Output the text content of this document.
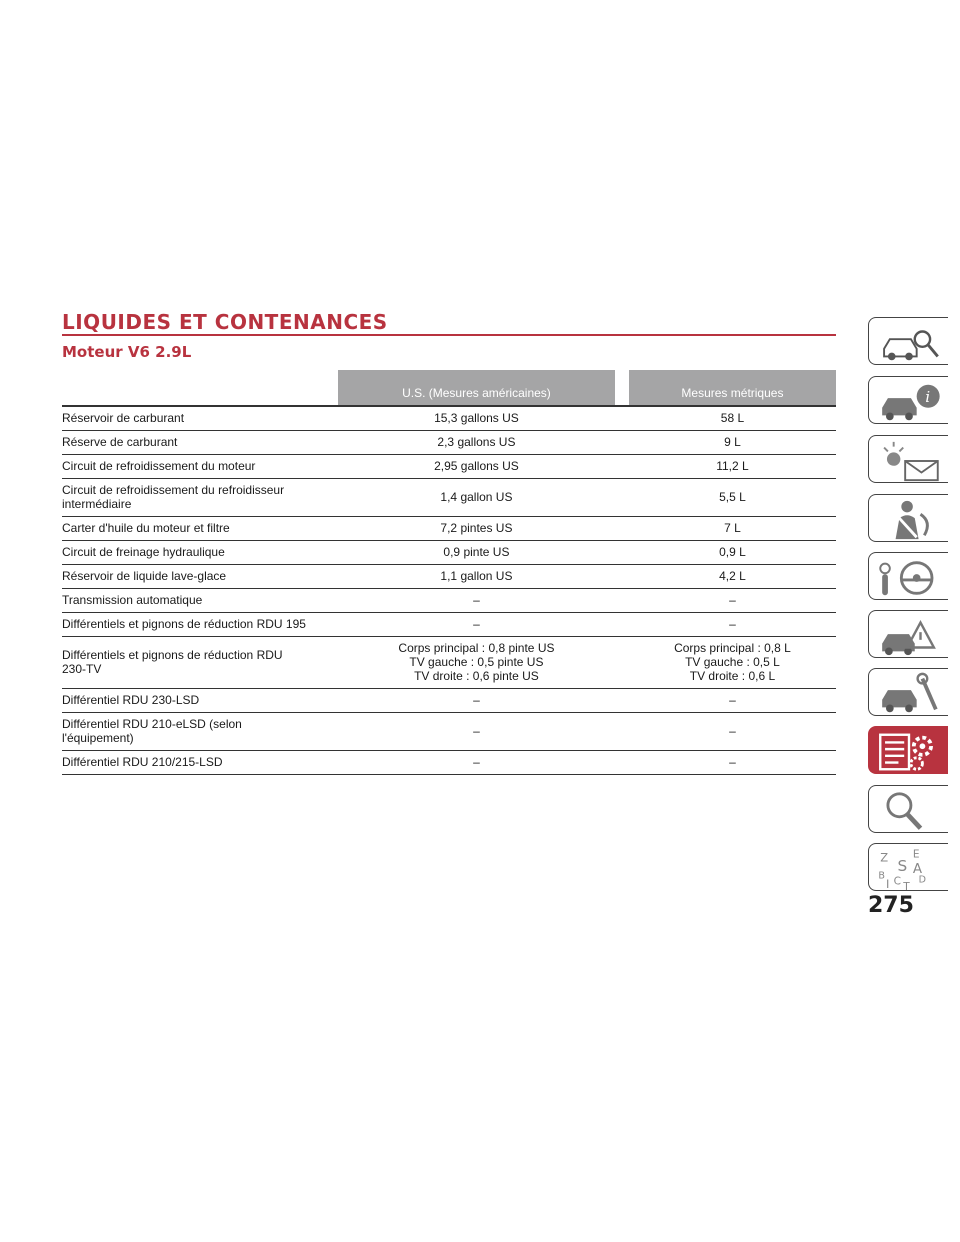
LIQUIDES ET CONTENANCES
Moteur V6 2.9L
		U.S. (Mesures américaines)		Mesures métriques

Réservoir de carburant		15,3 gallons US		58 L

Réserve de carburant		2,3 gallons US		9 L

Circuit de refroidissement du moteur		2,95 gallons US		11,2 L

Circuit de refroidissement du refroidisseur
intermédiaire		1,4 gallon US		5,5 L

Carter d'huile du moteur et filtre		7,2 pintes US		7 L

Circuit de freinage hydraulique		0,9 pinte US		0,9 L

Réservoir de liquide lave-glace		1,1 gallon US		4,2 L

Transmission automatique		–		–

Différentiels et pignons de réduction RDU 195		–		–

Différentiels et pignons de réduction RDU
230-TV		Corps principal : 0,8 pinte US
TV gauche : 0,5 pinte US
TV droite : 0,6 pinte US		Corps principal : 0,8 L
TV gauche : 0,5 L
TV droite : 0,6 L

Différentiel RDU 230-LSD		–		–

Différentiel RDU 210-eLSD (selon
l'équipement)		–		–

Différentiel RDU 210/215-LSD		–		–
i
Z E
S A
B	D
I C T
275
